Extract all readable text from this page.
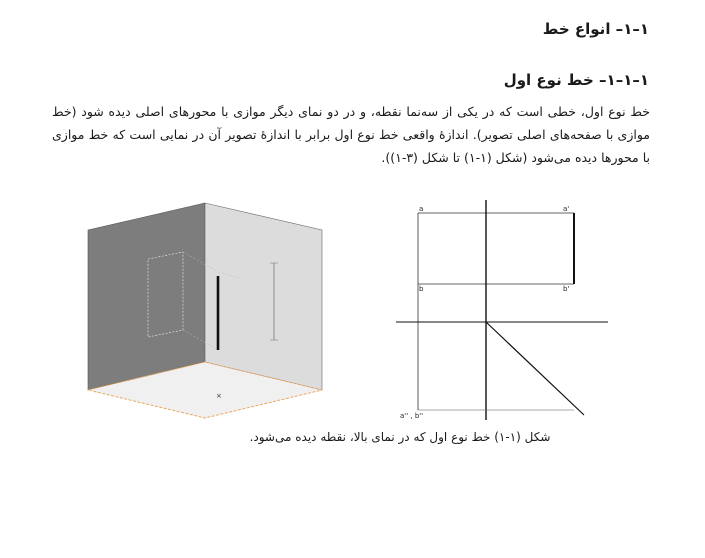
۱–۱– انواع خط
۱–۱–۱– خط نوع اول

خط نوع اول، خطی است که در یکی از سه‌نما نقطه، و در دو نمای دیگر موازی با محورهای اصلی دیده شود (خط موازی با صفحه‌های اصلی تصویر). اندازهٔ واقعی خط نوع اول برابر با اندازهٔ تصویر آن در نمایی است که خط موازی با محورها دیده می‌شود (شکل (۱-۱) تا شکل (۳-۱)).

×
a	a'
b	b'
a'' , b''

شکل (۱-۱) خط نوع اول که در نمای بالا، نقطه دیده می‌شود.
